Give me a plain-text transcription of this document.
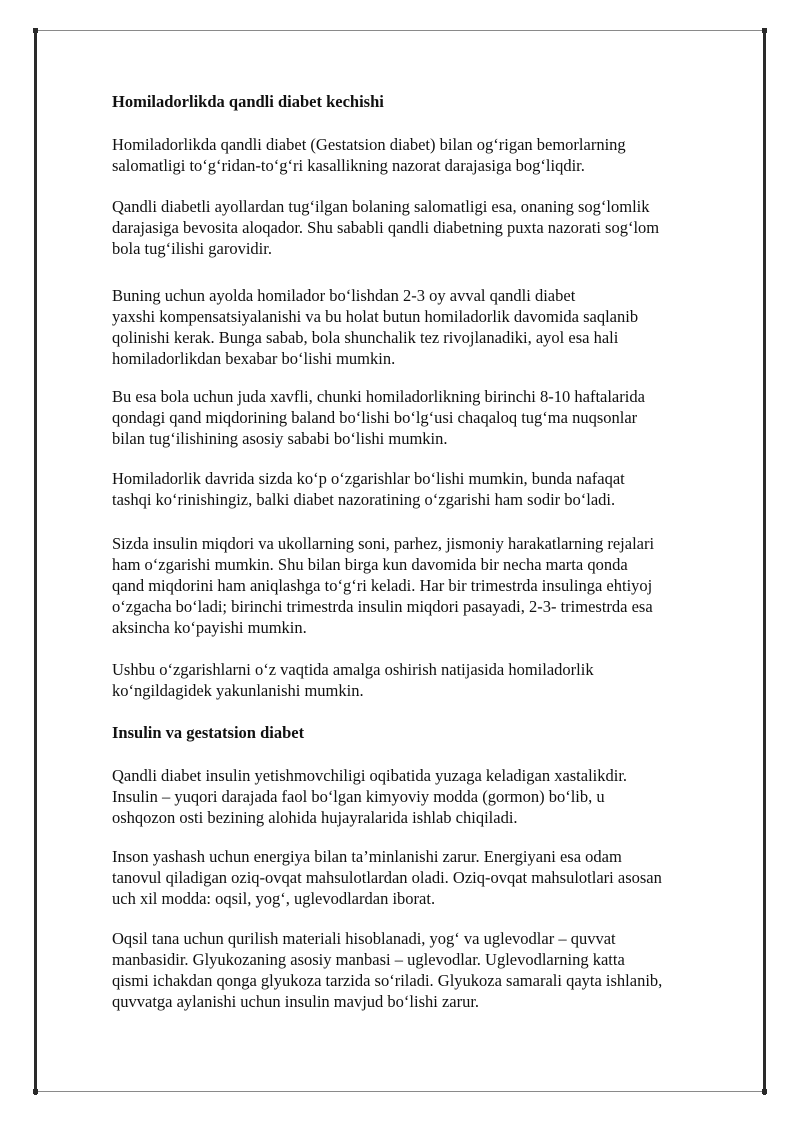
Homiladorlikda qandli diabet kechishi

Homiladorlikda qandli diabet (Gestatsion diabet) bilan og‘rigan bemorlarning
salomatligi to‘g‘ridan-to‘g‘ri kasallikning nazorat darajasiga bog‘liqdir.

Qandli diabetli ayollardan tug‘ilgan bolaning salomatligi esa, onaning sog‘lomlik
darajasiga bevosita aloqador. Shu sababli qandli diabetning puxta nazorati sog‘lom
bola tug‘ilishi garovidir.

Buning uchun ayolda homilador bo‘lishdan 2-3 oy avval qandli diabet
yaxshi kompensatsiyalanishi va bu holat butun homiladorlik davomida saqlanib
qolinishi kerak. Bunga sabab, bola shunchalik tez rivojlanadiki, ayol esa hali
homiladorlikdan bexabar bo‘lishi mumkin.

Bu esa bola uchun juda xavfli, chunki homiladorlikning birinchi 8-10 haftalarida
qondagi qand miqdorining baland bo‘lishi bo‘lg‘usi chaqaloq tug‘ma nuqsonlar
bilan tug‘ilishining asosiy sababi bo‘lishi mumkin.

Homiladorlik davrida sizda ko‘p o‘zgarishlar bo‘lishi mumkin, bunda nafaqat
tashqi ko‘rinishingiz, balki diabet nazoratining o‘zgarishi ham sodir bo‘ladi.

Sizda insulin miqdori va ukollarning soni, parhez, jismoniy harakatlarning rejalari
ham o‘zgarishi mumkin. Shu bilan birga kun davomida bir necha marta qonda
qand miqdorini ham aniqlashga to‘g‘ri keladi. Har bir trimestrda insulinga ehtiyoj
o‘zgacha bo‘ladi; birinchi trimestrda insulin miqdori pasayadi, 2-3- trimestrda esa
aksincha ko‘payishi mumkin.

Ushbu o‘zgarishlarni o‘z vaqtida amalga oshirish natijasida homiladorlik
ko‘ngildagidek yakunlanishi mumkin.

Insulin va gestatsion diabet

Qandli diabet insulin yetishmovchiligi oqibatida yuzaga keladigan xastalikdir.
Insulin – yuqori darajada faol bo‘lgan kimyoviy modda (gormon) bo‘lib, u
oshqozon osti bezining alohida hujayralarida ishlab chiqiladi.

Inson yashash uchun energiya bilan ta’minlanishi zarur. Energiyani esa odam
tanovul qiladigan oziq-ovqat mahsulotlardan oladi. Oziq-ovqat mahsulotlari asosan
uch xil modda: oqsil, yog‘, uglevodlardan iborat.

Oqsil tana uchun qurilish materiali hisoblanadi, yog‘ va uglevodlar – quvvat
manbasidir. Glyukozaning asosiy manbasi – uglevodlar. Uglevodlarning katta
qismi ichakdan qonga glyukoza tarzida so‘riladi. Glyukoza samarali qayta ishlanib,
quvvatga aylanishi uchun insulin mavjud bo‘lishi zarur.
